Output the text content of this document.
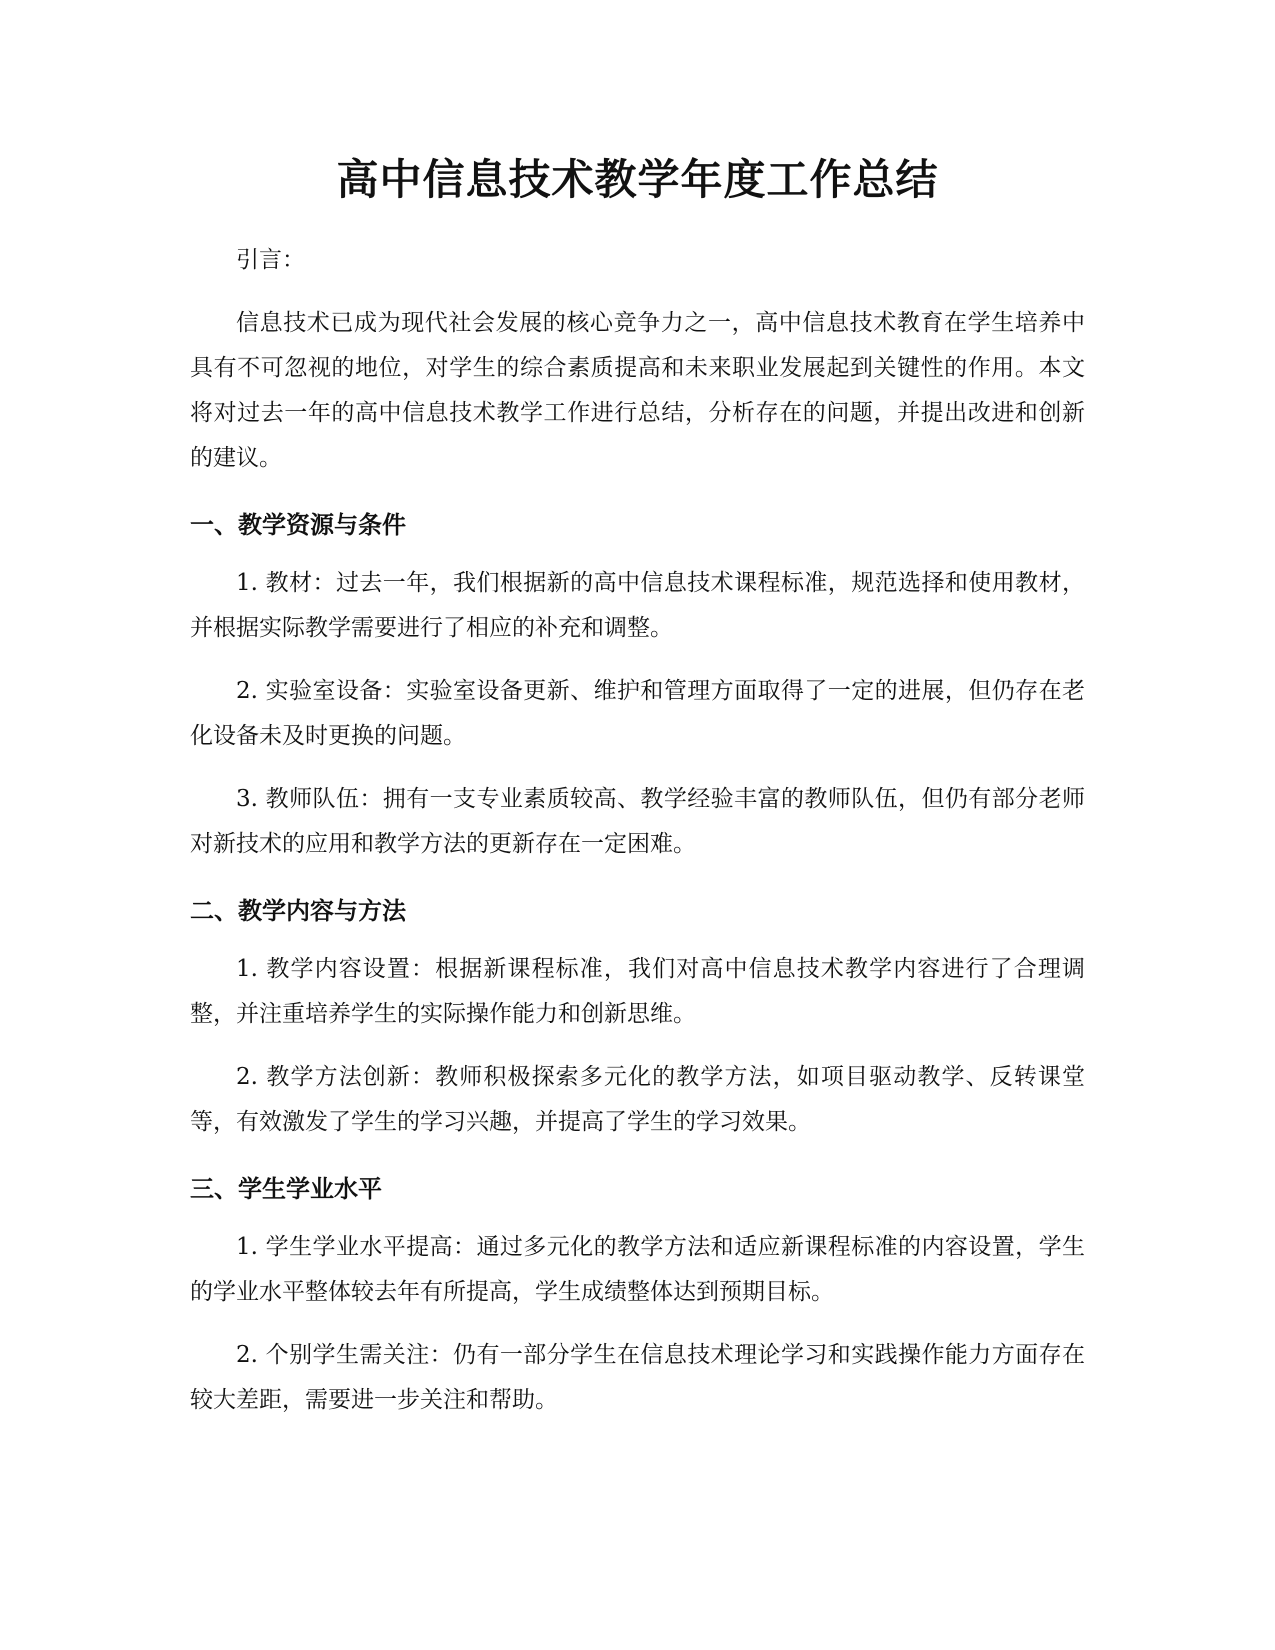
高中信息技术教学年度工作总结

引言：

信息技术已成为现代社会发展的核心竞争力之一，高中信息技术教育在学生培养中具有不可忽视的地位，对学生的综合素质提高和未来职业发展起到关键性的作用。本文将对过去一年的高中信息技术教学工作进行总结，分析存在的问题，并提出改进和创新的建议。

一、教学资源与条件

1. 教材：过去一年，我们根据新的高中信息技术课程标准，规范选择和使用教材，并根据实际教学需要进行了相应的补充和调整。

2. 实验室设备：实验室设备更新、维护和管理方面取得了一定的进展，但仍存在老化设备未及时更换的问题。

3. 教师队伍：拥有一支专业素质较高、教学经验丰富的教师队伍，但仍有部分老师对新技术的应用和教学方法的更新存在一定困难。

二、教学内容与方法

1. 教学内容设置：根据新课程标准，我们对高中信息技术教学内容进行了合理调整，并注重培养学生的实际操作能力和创新思维。

2. 教学方法创新：教师积极探索多元化的教学方法，如项目驱动教学、反转课堂等，有效激发了学生的学习兴趣，并提高了学生的学习效果。

三、学生学业水平

1. 学生学业水平提高：通过多元化的教学方法和适应新课程标准的内容设置，学生的学业水平整体较去年有所提高，学生成绩整体达到预期目标。

2. 个别学生需关注：仍有一部分学生在信息技术理论学习和实践操作能力方面存在较大差距，需要进一步关注和帮助。
